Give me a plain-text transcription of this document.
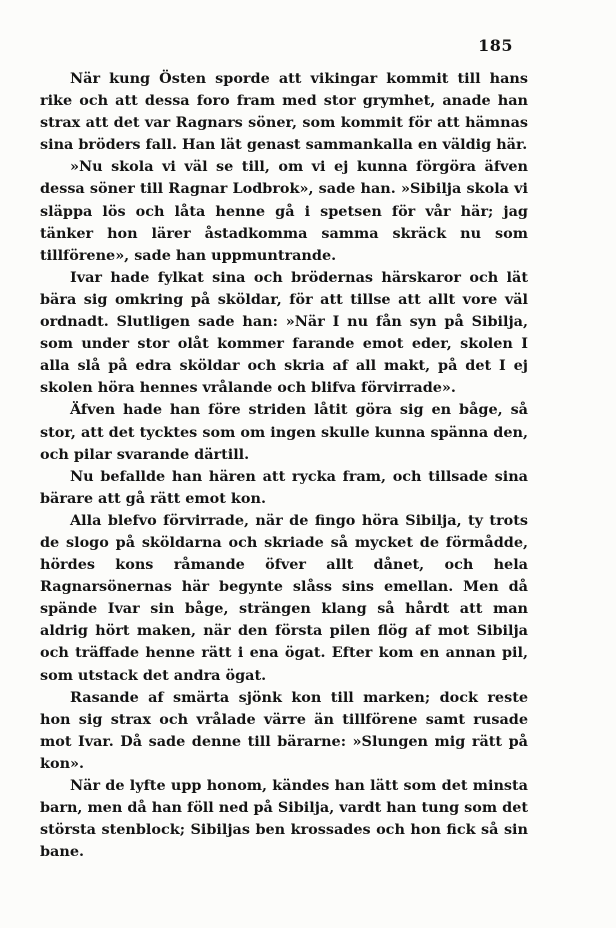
185

När kung Östen sporde att vikingar kommit till hans rike och att dessa foro fram med stor grymhet, anade han strax att det var Ragnars söner, som kommit för att hämnas sina bröders fall. Han lät genast sammankalla en väldig här.

»Nu skola vi väl se till, om vi ej kunna förgöra äfven dessa söner till Ragnar Lodbrok», sade han. »Sibilja skola vi släppa lös och låta henne gå i spetsen för vår här; jag tänker hon lärer åstadkomma samma skräck nu som tillförene», sade han uppmuntrande.

Ivar hade fylkat sina och brödernas härskaror och lät bära sig omkring på sköldar, för att tillse att allt vore väl ordnadt. Slutligen sade han: »När I nu fån syn på Sibilja, som under stor olåt kommer farande emot eder, skolen I alla slå på edra sköldar och skria af all makt, på det I ej skolen höra hennes vrålande och blifva förvirrade».

Äfven hade han före striden låtit göra sig en båge, så stor, att det tycktes som om ingen skulle kunna spänna den, och pilar svarande därtill.

Nu befallde han hären att rycka fram, och tillsade sina bärare att gå rätt emot kon.

Alla blefvo förvirrade, när de fingo höra Sibilja, ty trots de slogo på sköldarna och skriade så mycket de förmådde, hördes kons råmande öfver allt dånet, och hela Ragnarsönernas här begynte slåss sins emellan. Men då spände Ivar sin båge, strängen klang så hårdt att man aldrig hört maken, när den första pilen flög af mot Sibilja och träffade henne rätt i ena ögat. Efter kom en annan pil, som utstack det andra ögat.

Rasande af smärta sjönk kon till marken; dock reste hon sig strax och vrålade värre än tillförene samt rusade mot Ivar. Då sade denne till bärarne: »Slungen mig rätt på kon».

När de lyfte upp honom, kändes han lätt som det minsta barn, men då han föll ned på Sibilja, vardt han tung som det största stenblock; Sibiljas ben krossades och hon fick så sin bane.
